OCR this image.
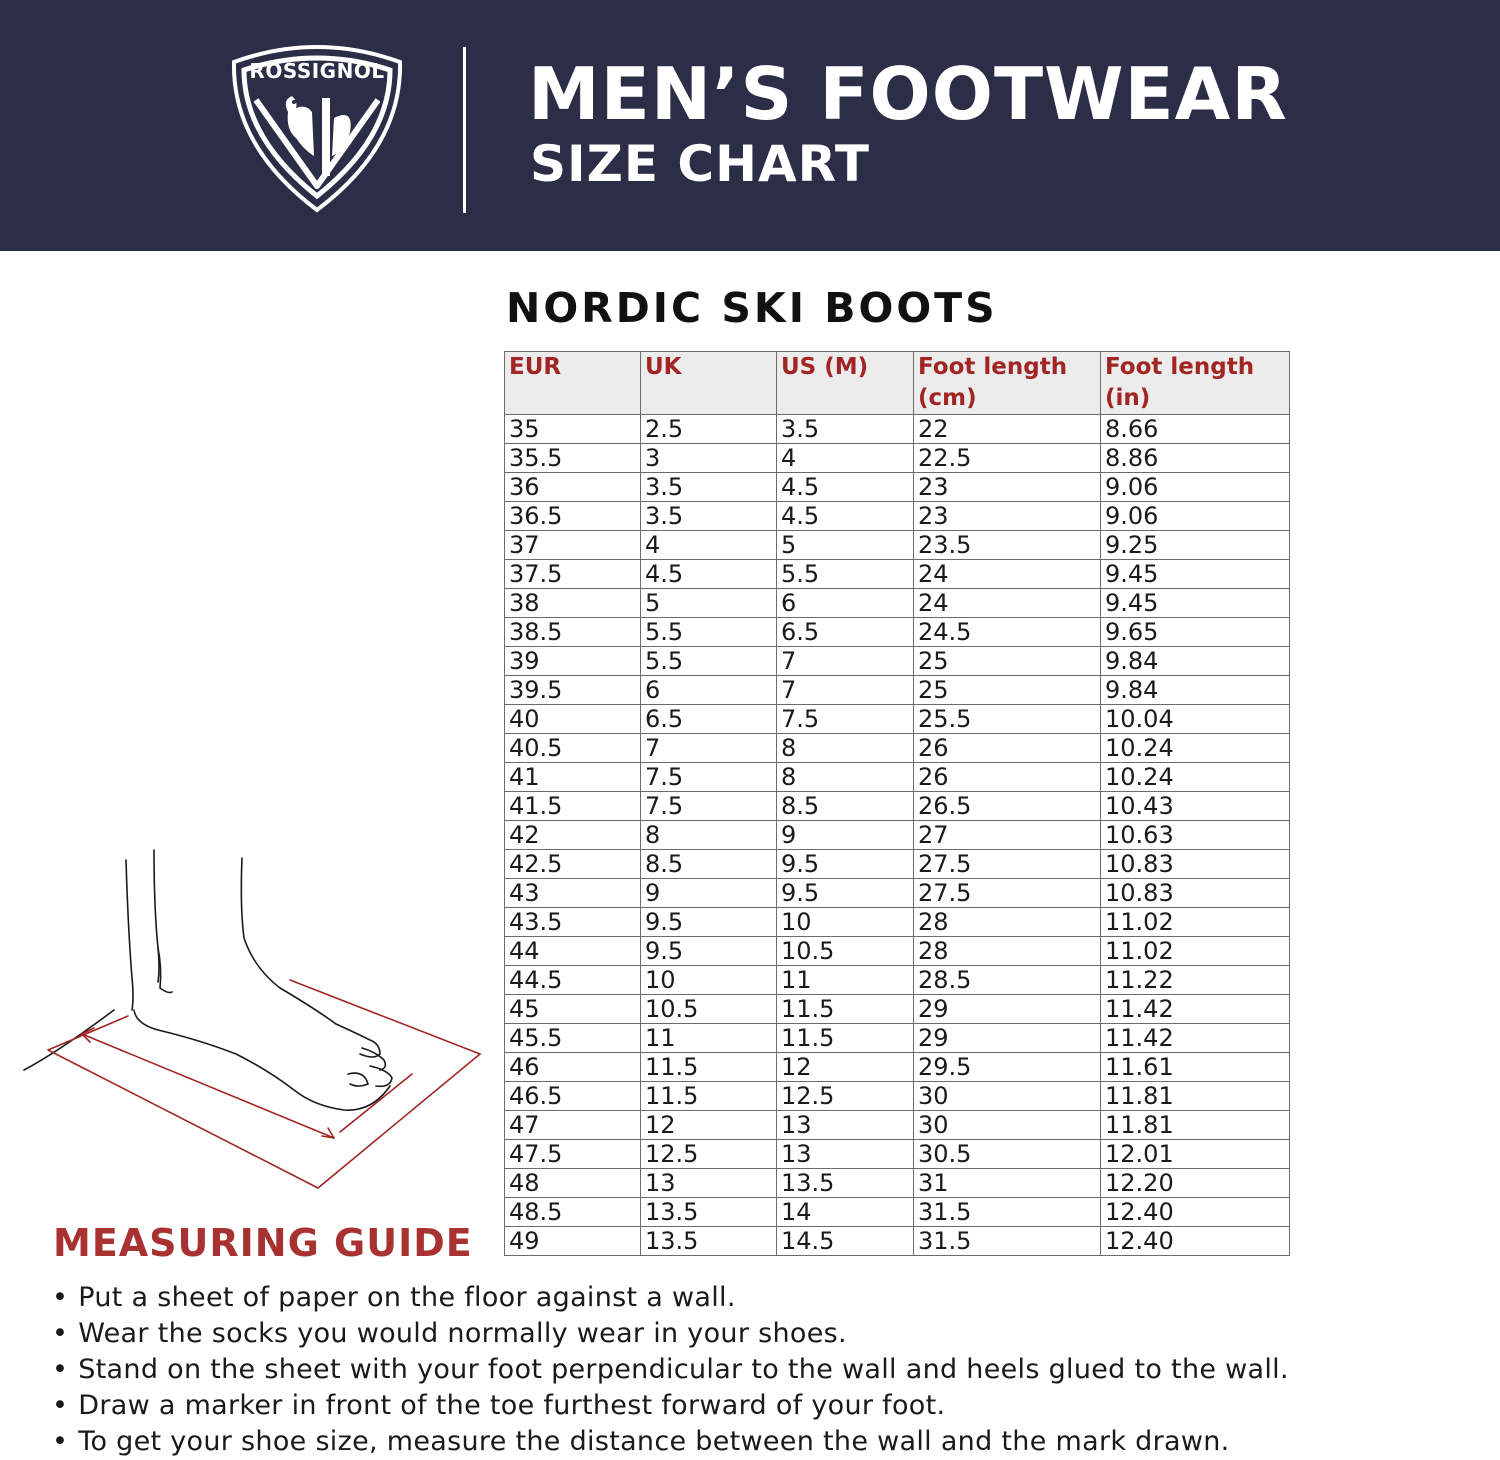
ROSSIGNOL MEN’S FOOTWEAR
SIZE CHART
NORDIC SKI BOOTS
EUR	UK	US (M)	Foot length (cm)	Foot length (in)
35	2.5	3.5	22	8.66
35.5	3	4	22.5	8.86
36	3.5	4.5	23	9.06
36.5	3.5	4.5	23	9.06
37	4	5	23.5	9.25
37.5	4.5	5.5	24	9.45
38	5	6	24	9.45
38.5	5.5	6.5	24.5	9.65
39	5.5	7	25	9.84
39.5	6	7	25	9.84
40	6.5	7.5	25.5	10.04
40.5	7	8	26	10.24
41	7.5	8	26	10.24
41.5	7.5	8.5	26.5	10.43
42	8	9	27	10.63
42.5	8.5	9.5	27.5	10.83
43	9	9.5	27.5	10.83
43.5	9.5	10	28	11.02
44	9.5	10.5	28	11.02
44.5	10	11	28.5	11.22
45	10.5	11.5	29	11.42
45.5	11	11.5	29	11.42
46	11.5	12	29.5	11.61
46.5	11.5	12.5	30	11.81
47	12	13	30	11.81
47.5	12.5	13	30.5	12.01
48	13	13.5	31	12.20
48.5	13.5	14	31.5	12.40
49	13.5	14.5	31.5	12.40
MEASURING GUIDE
• Put a sheet of paper on the floor against a wall.
• Wear the socks you would normally wear in your shoes.
• Stand on the sheet with your foot perpendicular to the wall and heels glued to the wall.
• Draw a marker in front of the toe furthest forward of your foot.
• To get your shoe size, measure the distance between the wall and the mark drawn.
